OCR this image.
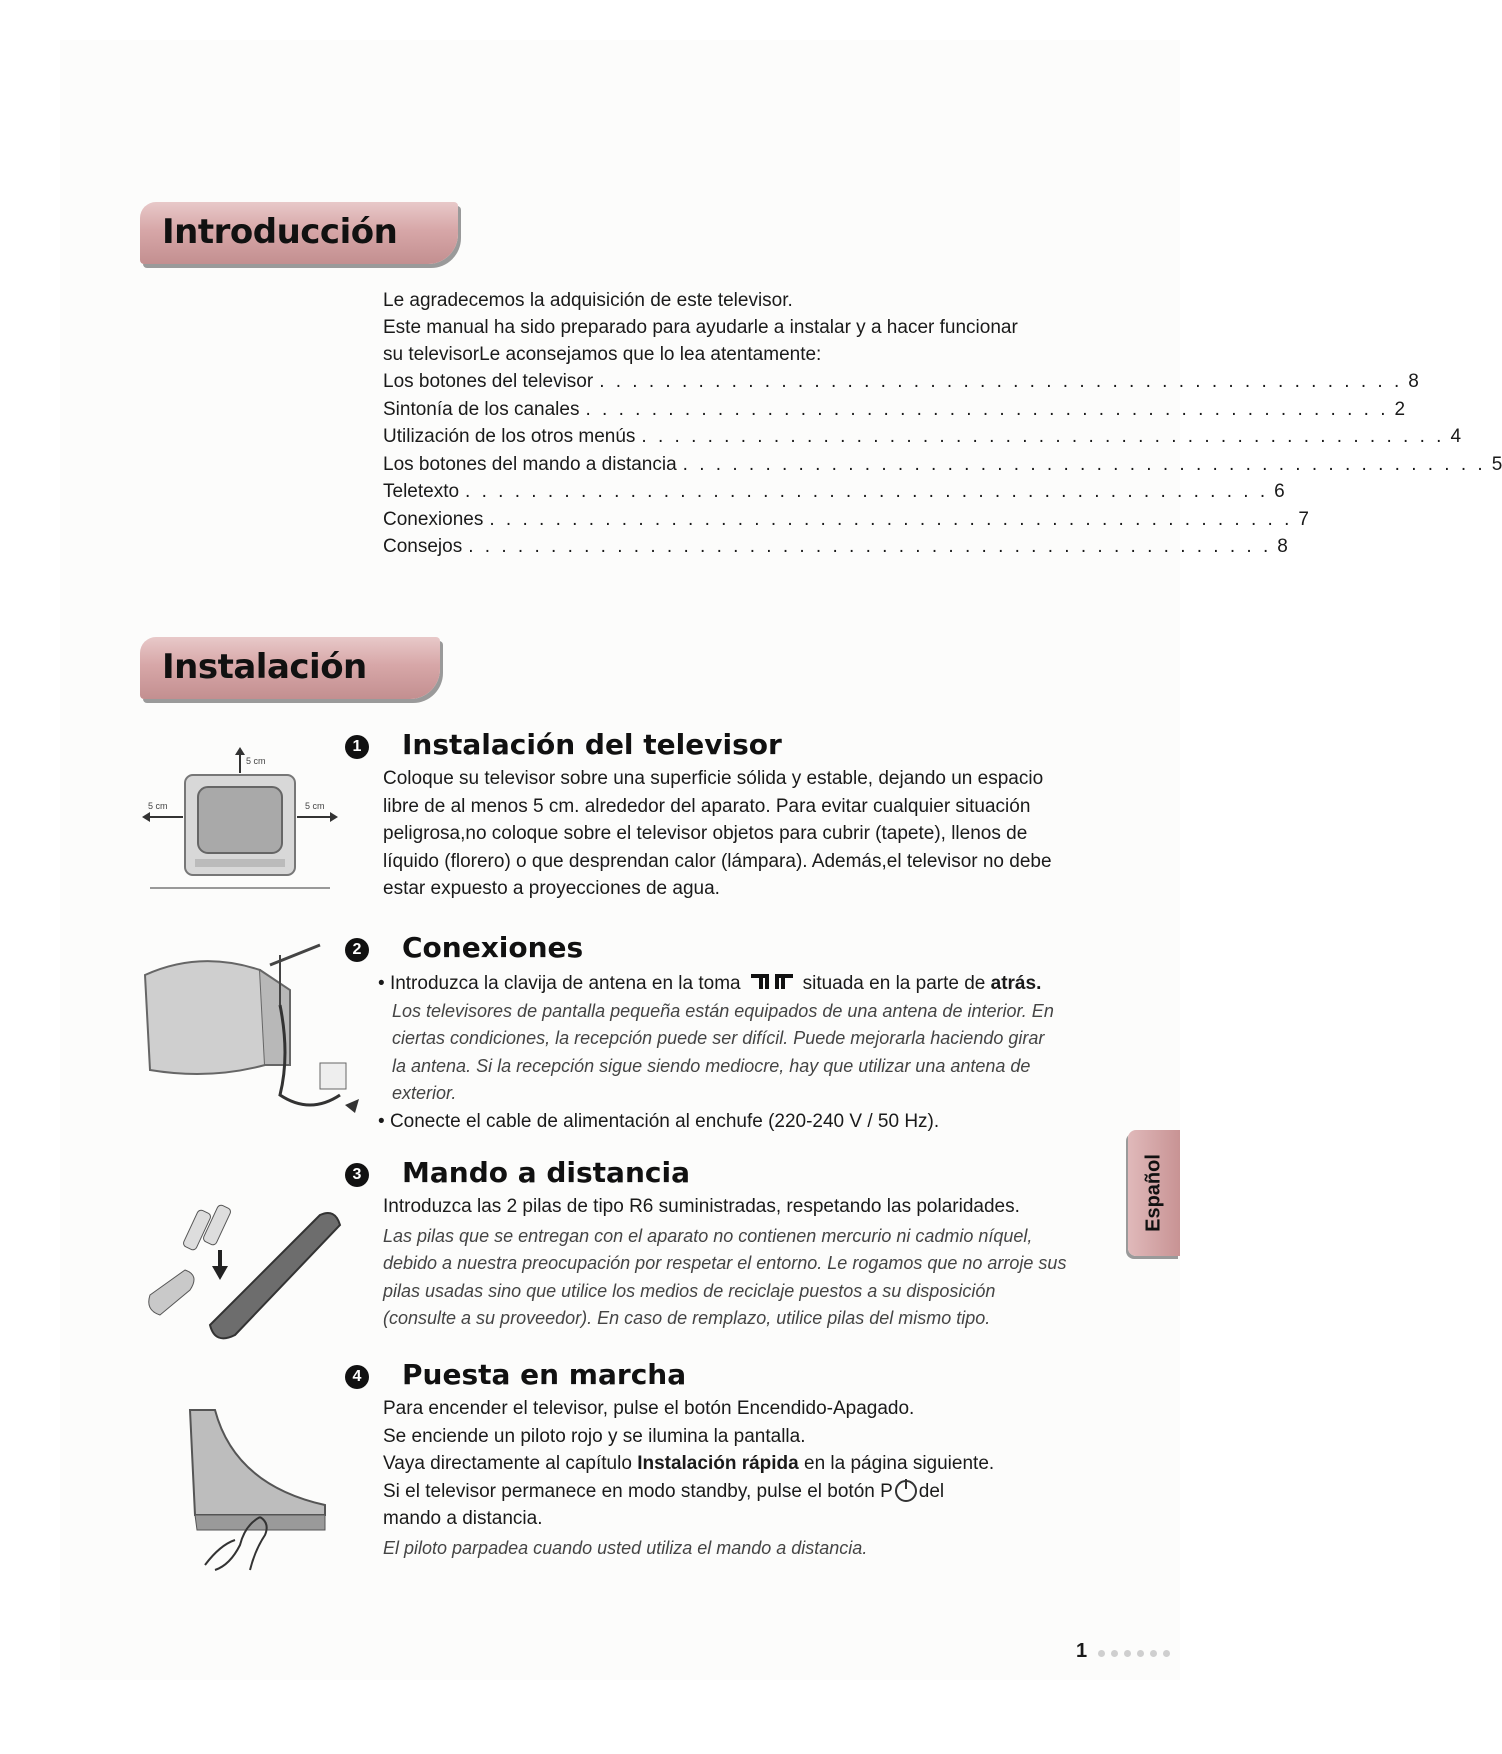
Introducción
Le agradecemos la adquisición de este televisor.
Este manual ha sido preparado para ayudarle a instalar y a hacer funcionar
su televisorLe aconsejamos que lo lea atentamente:
Los botones del televisor . . . . . . . . . . . . . . . . . . . . . . . . . . . . . . . . . . . . . . . . . . . . . . . . . 8
Sintonía de los canales . . . . . . . . . . . . . . . . . . . . . . . . . . . . . . . . . . . . . . . . . . . . . . . . . 2
Utilización de los otros menús . . . . . . . . . . . . . . . . . . . . . . . . . . . . . . . . . . . . . . . . . . . . . . . . . 4
Los botones del mando a distancia . . . . . . . . . . . . . . . . . . . . . . . . . . . . . . . . . . . . . . . . . . . . . . . . . 5
Teletexto . . . . . . . . . . . . . . . . . . . . . . . . . . . . . . . . . . . . . . . . . . . . . . . . . 6
Conexiones . . . . . . . . . . . . . . . . . . . . . . . . . . . . . . . . . . . . . . . . . . . . . . . . . 7
Consejos . . . . . . . . . . . . . . . . . . . . . . . . . . . . . . . . . . . . . . . . . . . . . . . . . 8
Instalación
1 Instalación del televisor

Coloque su televisor sobre una superficie sólida y estable, dejando un espacio libre de al menos 5 cm. alrededor del aparato. Para evitar cualquier situación peligrosa,no coloque sobre el televisor objetos para cubrir (tapete), llenos de líquido (florero) o que desprendan calor (lámpara). Además,el televisor no debe estar expuesto a proyecciones de agua.

5 cm
5 cm	5 cm
2 Conexiones

• Introduzca la clavija de antena en la toma	situada en la parte de atrás. Los televisores de pantalla pequeña están equipados de una antena de interior. En ciertas condiciones, la recepción puede ser difícil. Puede mejorarla haciendo girar la antena. Si la recepción sigue siendo mediocre, hay que utilizar una antena de exterior.

• Conecte el cable de alimentación al enchufe (220-240 V / 50 Hz).

3 Mando a distancia

Introduzca las 2 pilas de tipo R6 suministradas, respetando las polaridades.

Las pilas que se entregan con el aparato no contienen mercurio ni cadmio níquel, debido a nuestra preocupación por respetar el entorno. Le rogamos que no arroje sus pilas usadas sino que utilice los medios de reciclaje puestos a su disposición (consulte a su proveedor). En caso de remplazo, utilice pilas del mismo tipo.

4 Puesta en marcha

Para encender el televisor, pulse el botón Encendido-Apagado.

Se enciende un piloto rojo y se ilumina la pantalla.

Vaya directamente al capítulo Instalación rápida en la página siguiente.

Si el televisor permanece en modo standby, pulse el botón P del mando a distancia.

El piloto parpadea cuando usted utiliza el mando a distancia.

Español
1
